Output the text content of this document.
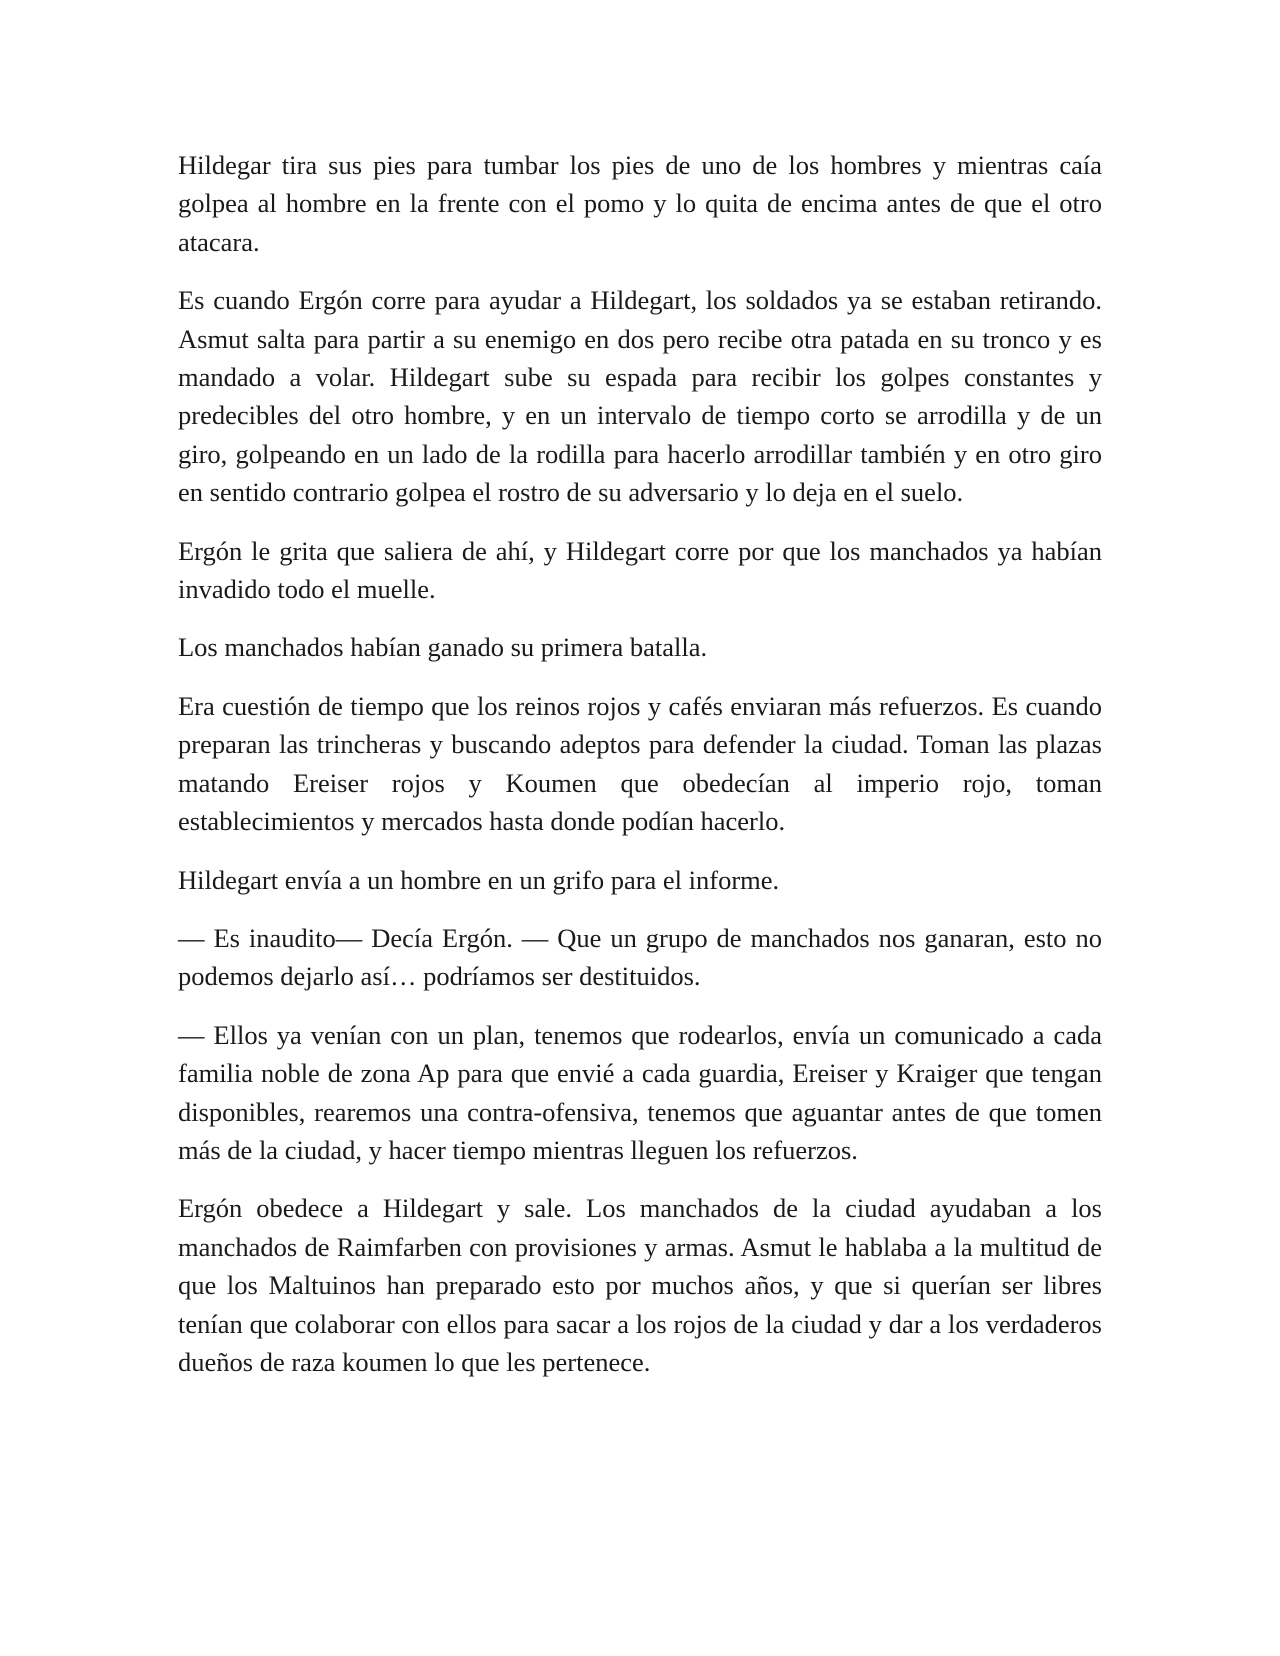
Hildegar tira sus pies para tumbar los pies de uno de los hombres y mientras caía golpea al hombre en la frente con el pomo y lo quita de encima antes de que el otro atacara.

Es cuando Ergón corre para ayudar a Hildegart, los soldados ya se estaban retirando. Asmut salta para partir a su enemigo en dos pero recibe otra patada en su tronco y es mandado a volar. Hildegart sube su espada para recibir los golpes constantes y predecibles del otro hombre, y en un intervalo de tiempo corto se arrodilla y de un giro, golpeando en un lado de la rodilla para hacerlo arrodillar también y en otro giro en sentido contrario golpea el rostro de su adversario y lo deja en el suelo.

Ergón le grita que saliera de ahí, y Hildegart corre por que los manchados ya habían invadido todo el muelle.

Los manchados habían ganado su primera batalla.

Era cuestión de tiempo que los reinos rojos y cafés enviaran más refuerzos. Es cuando preparan las trincheras y buscando adeptos para defender la ciudad. Toman las plazas matando Ereiser rojos y Koumen que obedecían al imperio rojo, toman establecimientos y mercados hasta donde podían hacerlo.

Hildegart envía a un hombre en un grifo para el informe.

— Es inaudito— Decía Ergón. — Que un grupo de manchados nos ganaran, esto no podemos dejarlo así… podríamos ser destituidos.

— Ellos ya venían con un plan, tenemos que rodearlos, envía un comunicado a cada familia noble de zona Ap para que envié a cada guardia, Ereiser y Kraiger que tengan disponibles, rearemos una contra-ofensiva, tenemos que aguantar antes de que tomen más de la ciudad, y hacer tiempo mientras lleguen los refuerzos.

Ergón obedece a Hildegart y sale. Los manchados de la ciudad ayudaban a los manchados de Raimfarben con provisiones y armas. Asmut le hablaba a la multitud de que los Maltuinos han preparado esto por muchos años, y que si querían ser libres tenían que colaborar con ellos para sacar a los rojos de la ciudad y dar a los verdaderos dueños de raza koumen lo que les pertenece.
